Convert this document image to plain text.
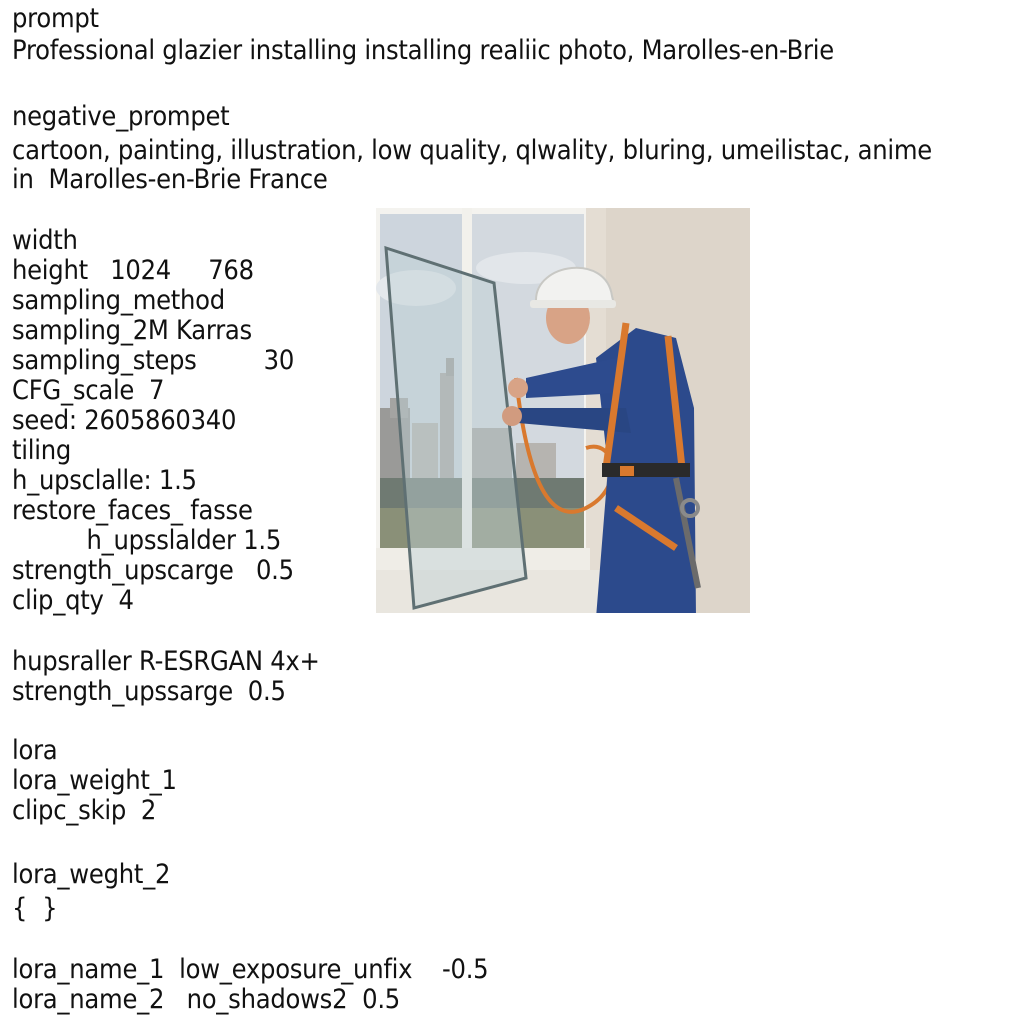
prompt
Professional glazier installing installing realiic photo, Marolles-en-Brie
negative_prompet
cartoon, painting, illustration, low quality, qlwality, bluring, umeilistac, anime
in  Marolles-en-Brie France
width
height   1024     768
sampling_method
sampling_2M Karras
sampling_steps         30
CFG_scale  7
seed: 2605860340
tiling
h_upsclalle: 1.5
restore_faces_ fasse
h_upsslalder 1.5
strength_upscarge   0.5
clip_qty  4
hupsraller R-ESRGAN 4x+
strength_upssarge  0.5
lora
lora_weight_1
clipc_skip  2
lora_weght_2
{  }
lora_name_1  low_exposure_unfix    -0.5
lora_name_2   no_shadows2  0.5
